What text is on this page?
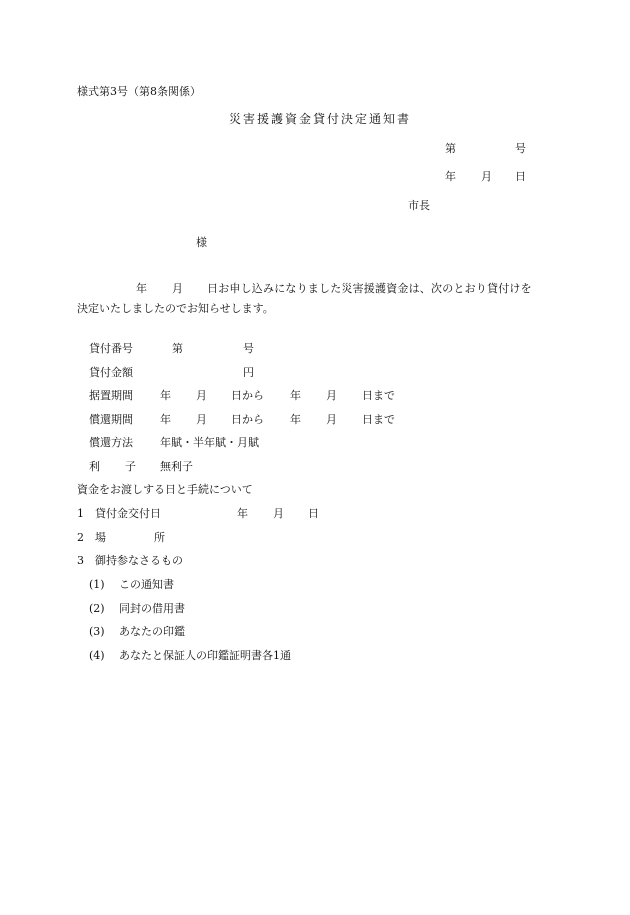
様式第3号（第8条関係）
災害援護資金貸付決定通知書
第	号
年 月 日
市長
様
年 月 日お申し込みになりました災害援護資金は、次のとおり貸付けを
決定いたしましたのでお知らせします。
貸付番号	第	号
貸付金額	円
据置期間 年 月 日から 年 月 日まで
償還期間 年 月 日から 年 月 日まで
償還方法 年賦・半年賦・月賦
利 子 無利子
資金をお渡しする日と手続について
1 貸付金交付日	年 月 日
2 場	所
3 御持参なさるもの
(1) この通知書
(2) 同封の借用書
(3) あなたの印鑑
(4) あなたと保証人の印鑑証明書各1通
